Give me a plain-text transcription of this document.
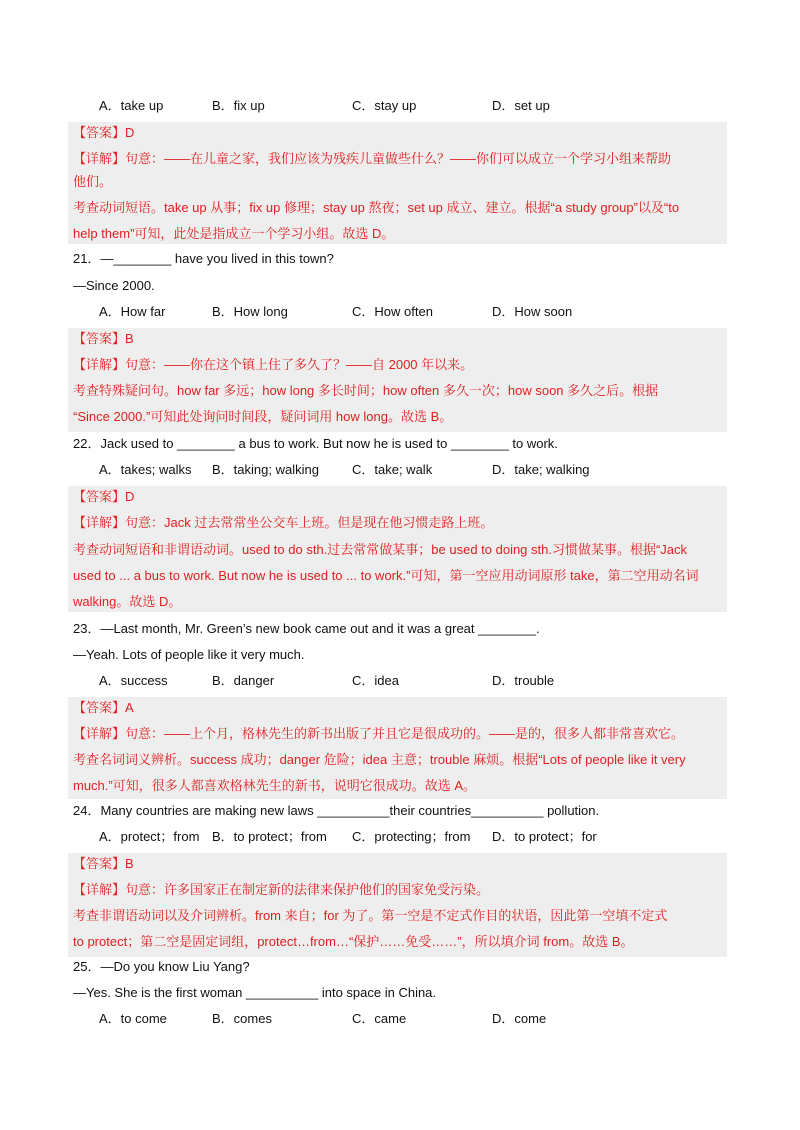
A．take up	B．fix up	C．stay up	D．set up
【答案】D
【详解】句意：——在儿童之家，我们应该为残疾儿童做些什么？——你们可以成立一个学习小组来帮助
他们。
考查动词短语。take up 从事；fix up 修理；stay up 熬夜；set up 成立、建立。根据“a study group”以及“to
help them”可知，此处是指成立一个学习小组。故选 D。
21．—________ have you lived in this town?
—Since 2000.
A．How far	B．How long	C．How often	D．How soon
【答案】B
【详解】句意：——你在这个镇上住了多久了？——自 2000 年以来。
考查特殊疑问句。how far 多远；how long 多长时间；how often 多久一次；how soon 多久之后。根据
“Since 2000.”可知此处询问时间段，疑问词用 how long。故选 B。
22．Jack used to ________ a bus to work. But now he is used to ________ to work.
A．takes; walks B．taking; walking	C．take; walk	D．take; walking
【答案】D
【详解】句意：Jack 过去常常坐公交车上班。但是现在他习惯走路上班。
考查动词短语和非谓语动词。used to do sth.过去常常做某事；be used to doing sth.习惯做某事。根据“Jack
used to ... a bus to work. But now he is used to ... to work.”可知，第一空应用动词原形 take，第二空用动名词
walking。故选 D。
23．—Last month, Mr. Green’s new book came out and it was a great ________.
—Yeah. Lots of people like it very much.
A．success	B．danger	C．idea	D．trouble
【答案】A
【详解】句意：——上个月，格林先生的新书出版了并且它是很成功的。——是的，很多人都非常喜欢它。
考查名词词义辨析。success 成功；danger 危险；idea 主意；trouble 麻烦。根据“Lots of people like it very
much.”可知，很多人都喜欢格林先生的新书，说明它很成功。故选 A。
24．Many countries are making new laws __________their countries__________ pollution.
A．protect；from B．to protect；from C．protecting；from D．to protect；for
【答案】B
【详解】句意：许多国家正在制定新的法律来保护他们的国家免受污染。
考查非谓语动词以及介词辨析。from 来自；for 为了。第一空是不定式作目的状语，因此第一空填不定式
to protect；第二空是固定词组，protect…from…“保护……免受……”，所以填介词 from。故选 B。
25．—Do you know Liu Yang?
—Yes. She is the first woman __________ into space in China.
A．to come	B．comes	C．came	D．come
